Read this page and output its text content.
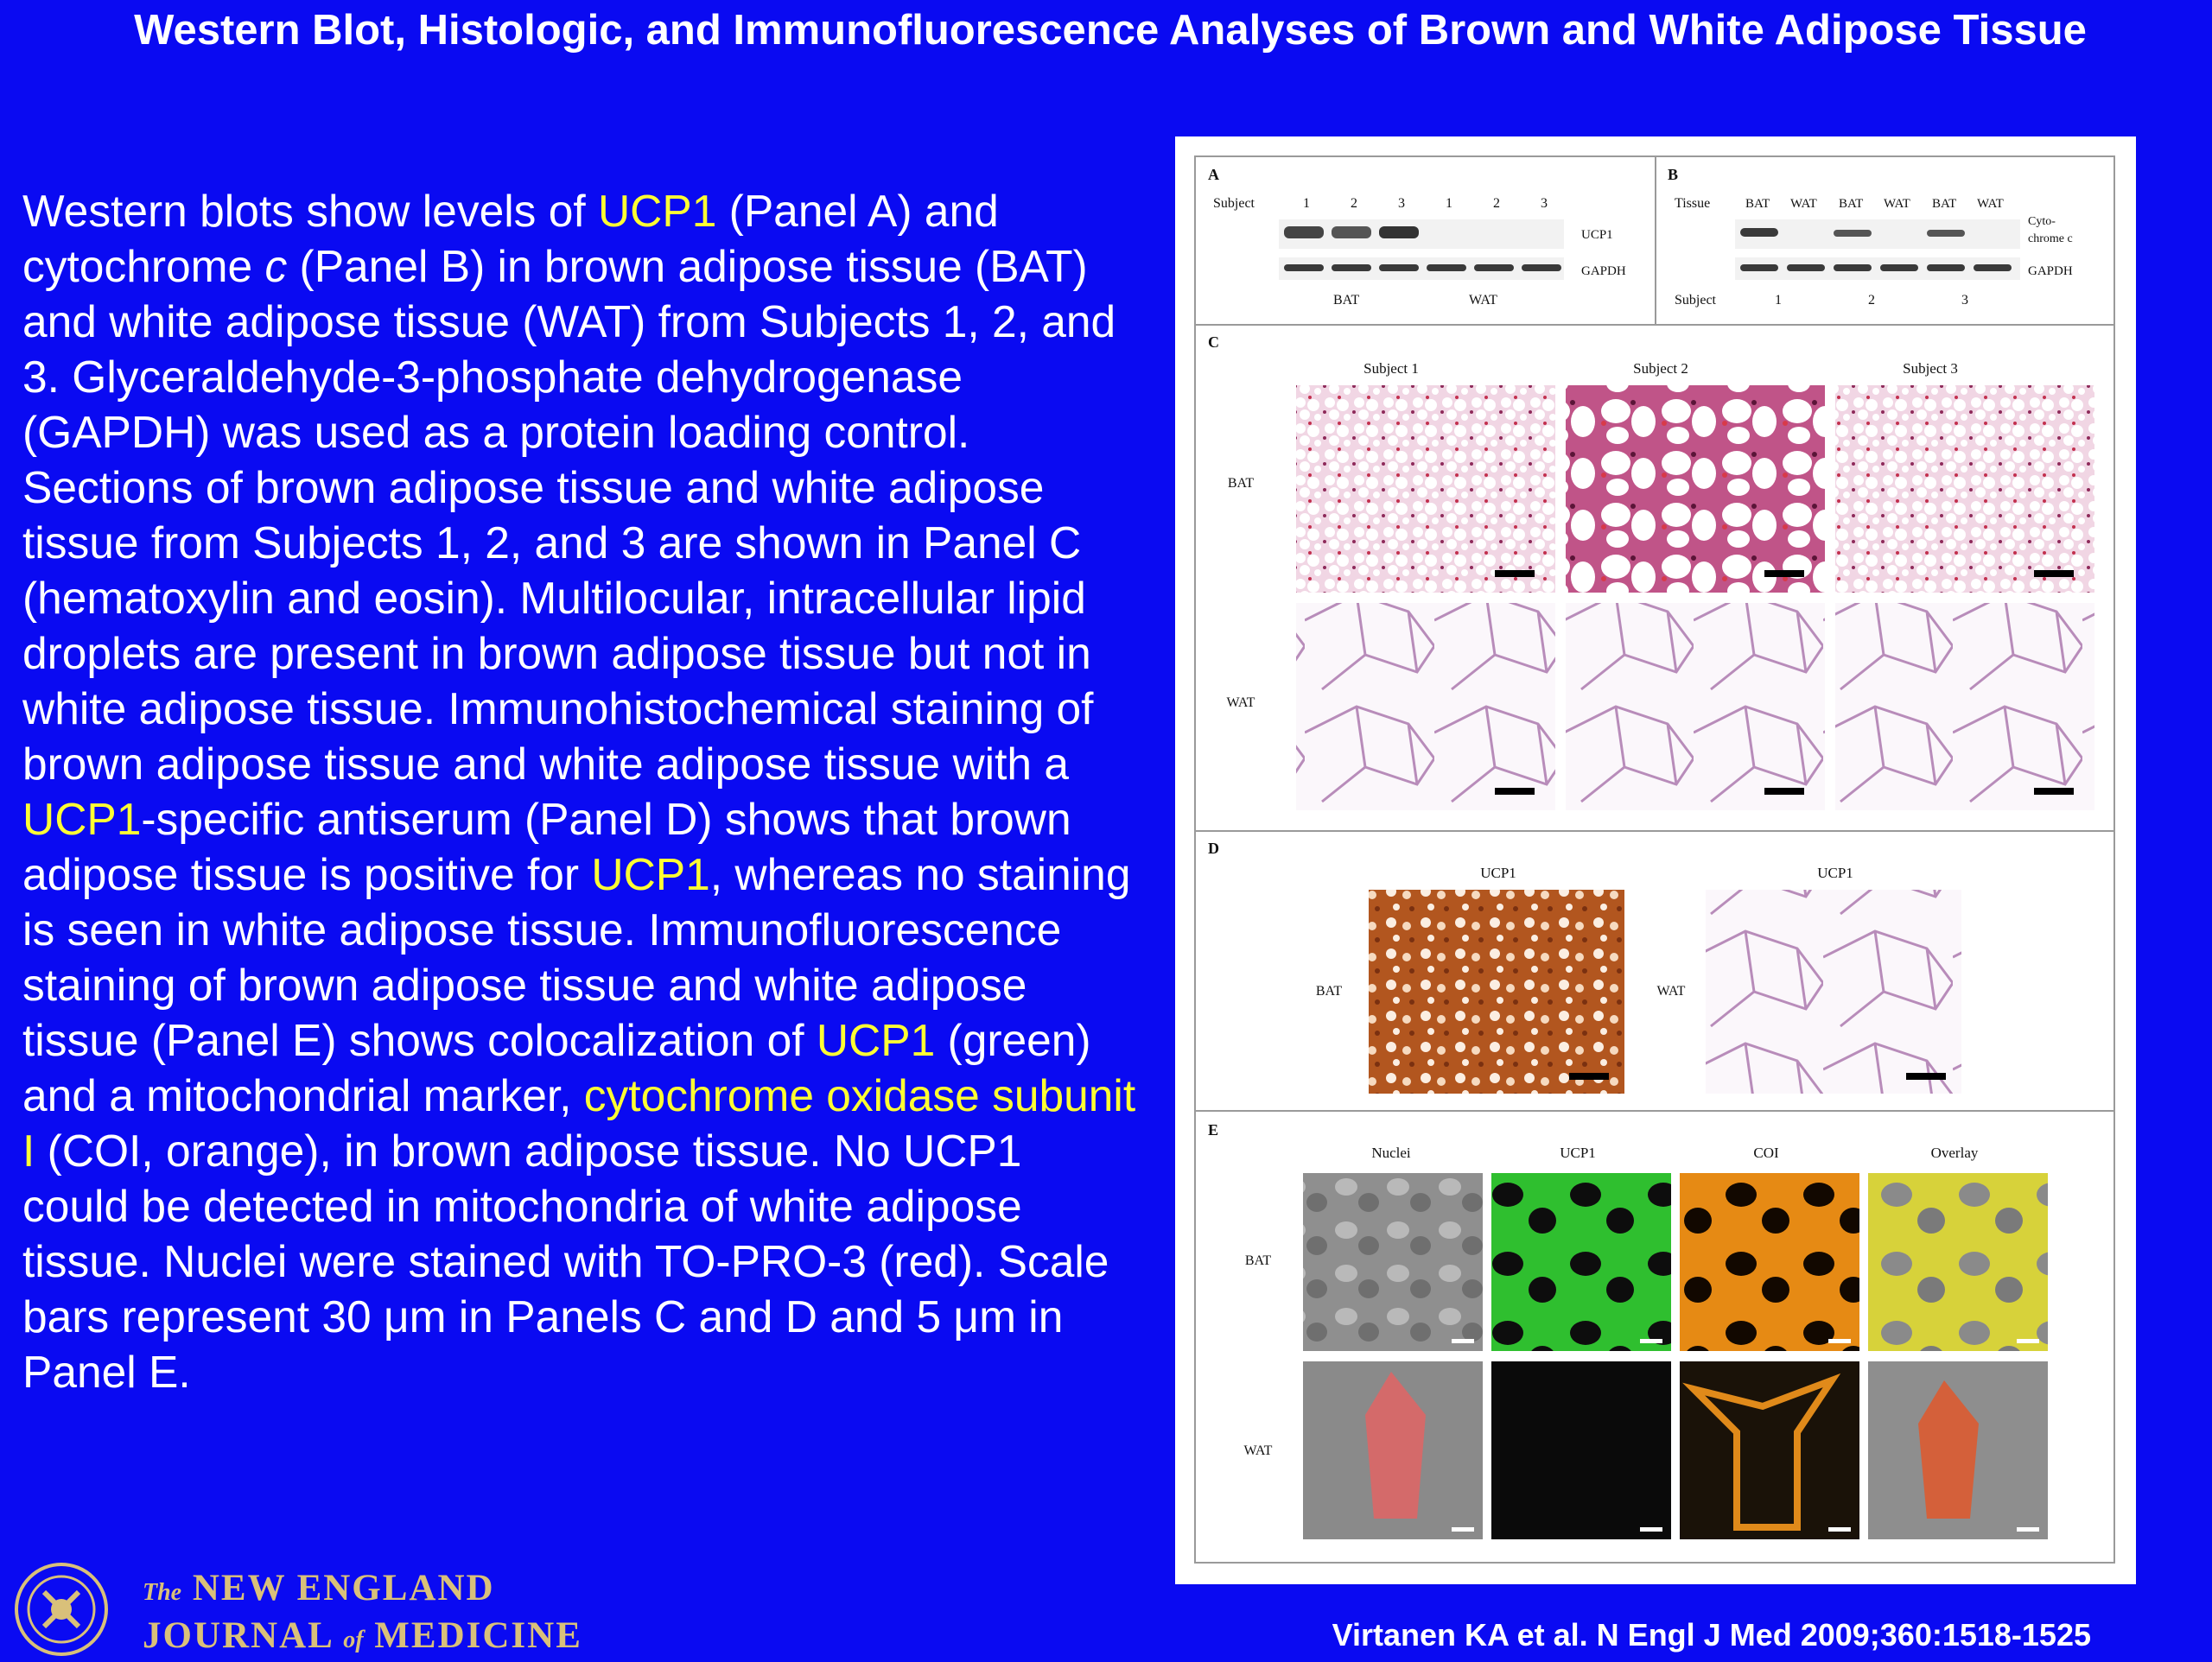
Western Blot, Histologic, and Immunofluorescence Analyses of Brown and White Adipose Tissue
Western blots show levels of UCP1 (Panel A) and cytochrome c (Panel B) in brown adipose tissue (BAT) and white adipose tissue (WAT) from Subjects 1, 2, and 3. Glyceraldehyde-3-phosphate dehydrogenase (GAPDH) was used as a protein loading control. Sections of brown adipose tissue and white adipose tissue from Subjects 1, 2, and 3 are shown in Panel C (hematoxylin and eosin). Multilocular, intracellular lipid droplets are present in brown adipose tissue but not in white adipose tissue. Immunohistochemical staining of brown adipose tissue and white adipose tissue with a UCP1-specific antiserum (Panel D) shows that brown adipose tissue is positive for UCP1, whereas no staining is seen in white adipose tissue. Immunofluorescence staining of brown adipose tissue and white adipose tissue (Panel E) shows colocalization of UCP1 (green) and a mitochondrial marker, cytochrome oxidase subunit I (COI, orange), in brown adipose tissue. No UCP1 could be detected in mitochondria of white adipose tissue. Nuclei were stained with TO-PRO-3 (red). Scale bars represent 30 μm in Panels C and D and 5 μm in Panel E.
A
Subject	1	2	3	1	2	3
UCP1
GAPDH
BAT	WAT
B
Tissue	BAT WAT BAT WAT BAT WAT
Cyto-
chrome c
GAPDH
Subject	1	2	3
C
Subject 1	Subject 2	Subject 3
BAT
WAT
D
UCP1	UCP1
BAT	WAT
E
Nuclei	UCP1	COI	Overlay
BAT
WAT
The NEW ENGLAND
JOURNAL of MEDICINE	Virtanen KA et al. N Engl J Med 2009;360:1518-1525
